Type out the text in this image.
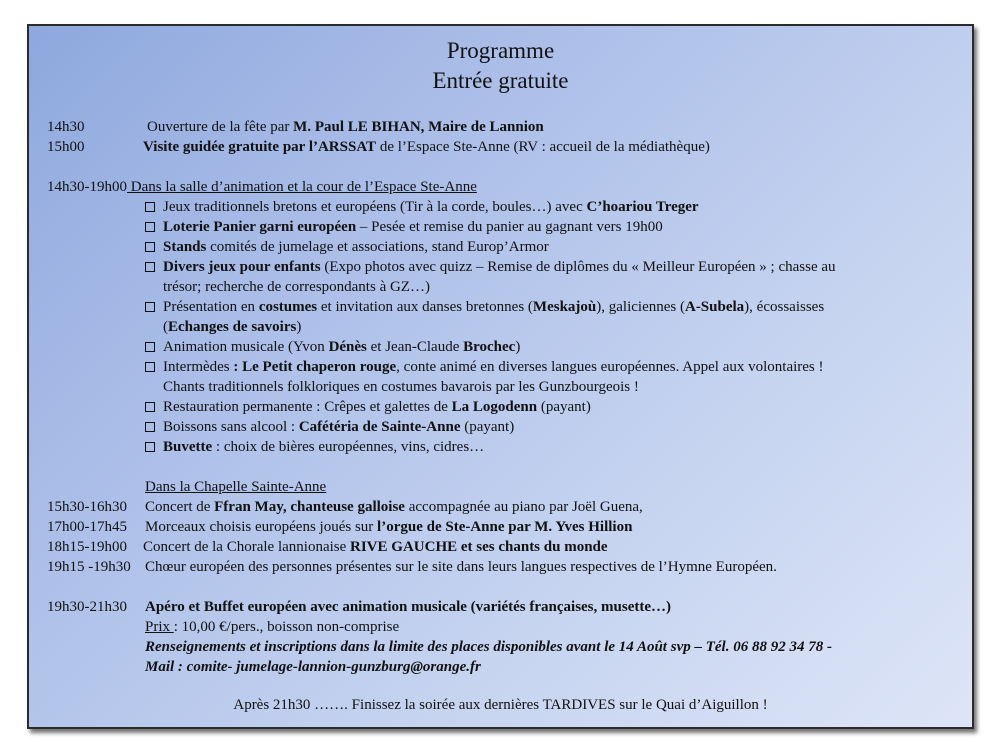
Programme
Entrée gratuite
14h30	Ouverture de la fête par M. Paul LE BIHAN, Maire de Lannion
15h00	Visite guidée gratuite par l’ARSSAT de l’Espace Ste-Anne (RV : accueil de la médiathèque)
14h30-19h00 Dans la salle d’animation et la cour de l’Espace Ste-Anne
Jeux traditionnels bretons et européens (Tir à la corde, boules…) avec C’hoariou Treger
Loterie Panier garni européen – Pesée et remise du panier au gagnant vers 19h00
Stands comités de jumelage et associations, stand Europ’Armor
Divers jeux pour enfants (Expo photos avec quizz – Remise de diplômes du « Meilleur Européen » ; chasse au
trésor; recherche de correspondants à GZ…)
Présentation en costumes et invitation aux danses bretonnes (Meskajoù), galiciennes (A-Subela), écossaisses
(Echanges de savoirs)
Animation musicale (Yvon Dénès et Jean-Claude Brochec)
Intermèdes : Le Petit chaperon rouge, conte animé en diverses langues européennes. Appel aux volontaires !
Chants traditionnels folkloriques en costumes bavarois par les Gunzbourgeois !
Restauration permanente : Crêpes et galettes de La Logodenn (payant)
Boissons sans alcool : Cafétéria de Sainte-Anne (payant)
Buvette : choix de bières européennes, vins, cidres…
Dans la Chapelle Sainte-Anne
15h30-16h30 Concert de Ffran May, chanteuse galloise accompagnée au piano par Joël Guena,
17h00-17h45 Morceaux choisis européens joués sur l’orgue de Ste-Anne par M. Yves Hillion
18h15-19h00 Concert de la Chorale lannionaise RIVE GAUCHE et ses chants du monde
19h15 -19h30 Chœur européen des personnes présentes sur le site dans leurs langues respectives de l’Hymne Européen.
19h30-21h30 Apéro et Buffet européen avec animation musicale (variétés françaises, musette…)
Prix : 10,00 €/pers., boisson non-comprise
Renseignements et inscriptions dans la limite des places disponibles avant le 14 Août svp – Tél. 06 88 92 34 78 -
Mail : comite- jumelage-lannion-gunzburg@orange.fr
Après 21h30 ……. Finissez la soirée aux dernières TARDIVES sur le Quai d’Aiguillon !
